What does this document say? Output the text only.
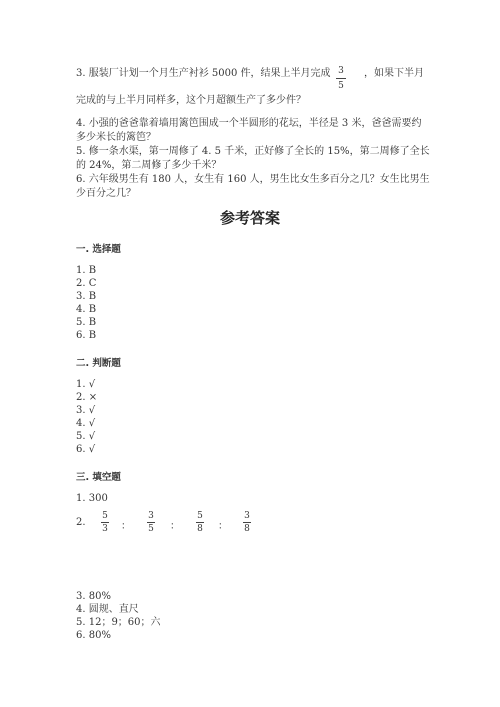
3. 服装厂计划一个月生产衬衫 5000 件，结果上半月完成 3
5
，如果下半月
完成的与上半月同样多，这个月超额生产了多少件？
4. 小强的爸爸靠着墙用篱笆围成一个半圆形的花坛，半径是 3 米，爸爸需要约
多少米长的篱笆？
5. 修一条水渠，第一周修了 4. 5 千米，正好修了全长的 15%，第二周修了全长
的 24%，第二周修了多少千米？
6. 六年级男生有 180 人，女生有 160 人，男生比女生多百分之几？女生比男生
少百分之几？
参考答案
一. 选择题
1. B
2. C
3. B
4. B
5. B
6. B
二. 判断题
1. √
2. ×
3. √
4. √
5. √
6. √
三. 填空题
1. 300
2.
5
3 ：
3
5 ：
5
8 ：
3
8
3. 80%
4. 圆规、直尺
5. 12；9；60；六
6. 80%
